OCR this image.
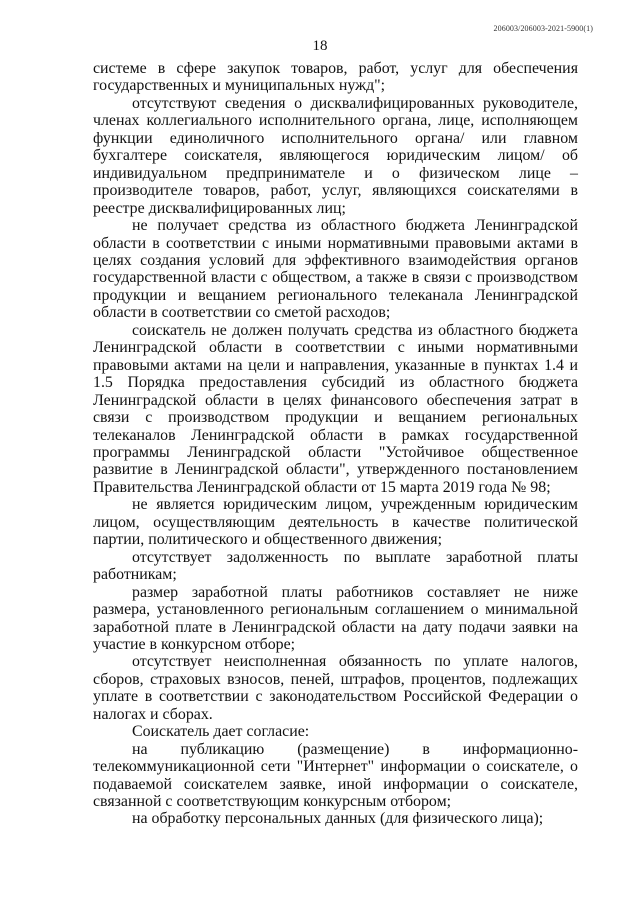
206003/206003-2021-5900(1)
18

системе в сфере закупок товаров, работ, услуг для обеспечения государственных и муниципальных нужд";

отсутствуют сведения о дисквалифицированных руководителе, членах коллегиального исполнительного органа, лице, исполняющем функции единоличного исполнительного органа/ или главном бухгалтере соискателя, являющегося юридическим лицом/ об индивидуальном предпринимателе и о физическом лице – производителе товаров, работ, услуг, являющихся соискателями в реестре дисквалифицированных лиц;

не получает средства из областного бюджета Ленинградской области в соответствии с иными нормативными правовыми актами в целях создания условий для эффективного взаимодействия органов государственной власти с обществом, а также в связи с производством продукции и вещанием регионального телеканала Ленинградской области в соответствии со сметой расходов;

соискатель не должен получать средства из областного бюджета Ленинградской области в соответствии с иными нормативными правовыми актами на цели и направления, указанные в пунктах 1.4 и 1.5 Порядка предоставления субсидий из областного бюджета Ленинградской области в целях финансового обеспечения затрат в связи с производством продукции и вещанием региональных телеканалов Ленинградской области в рамках государственной программы Ленинградской области "Устойчивое общественное развитие в Ленинградской области", утвержденного постановлением Правительства Ленинградской области от 15 марта 2019 года № 98;

не является юридическим лицом, учрежденным юридическим лицом, осуществляющим деятельность в качестве политической партии, политического и общественного движения;

отсутствует задолженность по выплате заработной платы работникам;

размер заработной платы работников составляет не ниже размера, установленного региональным соглашением о минимальной заработной плате в Ленинградской области на дату подачи заявки на участие в конкурсном отборе;

отсутствует неисполненная обязанность по уплате налогов, сборов, страховых взносов, пеней, штрафов, процентов, подлежащих уплате в соответствии с законодательством Российской Федерации о налогах и сборах.

Соискатель дает согласие:

на публикацию (размещение) в информационно-телекоммуникационной сети "Интернет" информации о соискателе, о подаваемой соискателем заявке, иной информации о соискателе, связанной с соответствующим конкурсным отбором;

на обработку персональных данных (для физического лица);
